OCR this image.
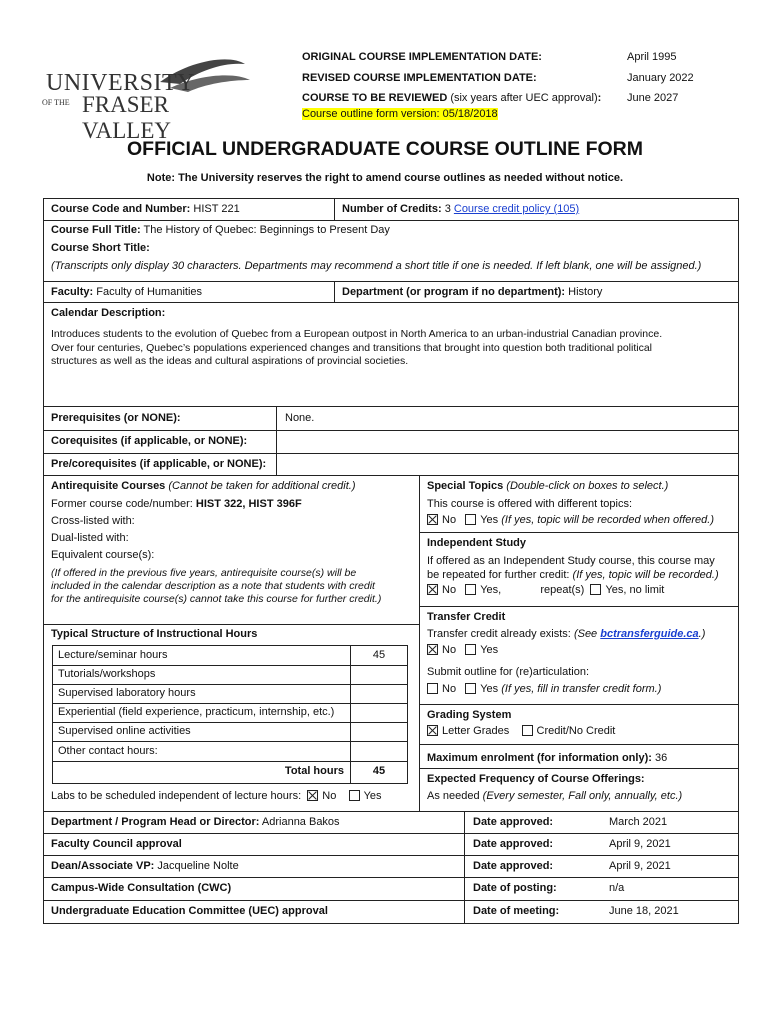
UNIVERSITY
OF THE FRASER VALLEY
ORIGINAL COURSE IMPLEMENTATION DATE:	April 1995
REVISED COURSE IMPLEMENTATION DATE:	January 2022
COURSE TO BE REVIEWED (six years after UEC approval): June 2027
Course outline form version: 05/18/2018
OFFICIAL UNDERGRADUATE COURSE OUTLINE FORM
Note: The University reserves the right to amend course outlines as needed without notice.
Course Code and Number: HIST 221	Number of Credits: 3 Course credit policy (105)
Course Full Title: The History of Quebec: Beginnings to Present Day
Course Short Title:
(Transcripts only display 30 characters. Departments may recommend a short title if one is needed. If left blank, one will be assigned.)
Faculty: Faculty of Humanities	Department (or program if no department): History
Calendar Description:
Introduces students to the evolution of Quebec from a European outpost in North America to an urban-industrial Canadian province.
Over four centuries, Quebec’s populations experienced changes and transitions that brought into question both traditional political
structures as well as the ideas and cultural aspirations of provincial societies.
Prerequisites (or NONE):	None.
Corequisites (if applicable, or NONE):
Pre/corequisites (if applicable, or NONE):
Antirequisite Courses (Cannot be taken for additional credit.)
Former course code/number: HIST 322, HIST 396F
Cross-listed with:
Dual-listed with:
Equivalent course(s):
(If offered in the previous five years, antirequisite course(s) will be
included in the calendar description as a note that students with credit
for the antirequisite course(s) cannot take this course for further credit.)
Typical Structure of Instructional Hours
Lecture/seminar hours	45
Tutorials/workshops
Supervised laboratory hours
Experiential (field experience, practicum, internship, etc.)
Supervised online activities
Other contact hours:
Total hours	45
Labs to be scheduled independent of lecture hours: No Yes
Special Topics (Double-click on boxes to select.)
This course is offered with different topics:
No Yes (If yes, topic will be recorded when offered.)
Independent Study
If offered as an Independent Study course, this course may
be repeated for further credit: (If yes, topic will be recorded.)
No Yes,	repeat(s) Yes, no limit
Transfer Credit
Transfer credit already exists: (See bctransferguide.ca.)
No Yes
Submit outline for (re)articulation:
No Yes (If yes, fill in transfer credit form.)
Grading System
Letter Grades Credit/No Credit
Maximum enrolment (for information only): 36
Expected Frequency of Course Offerings:
As needed (Every semester, Fall only, annually, etc.)
Department / Program Head or Director: Adrianna Bakos	Date approved:	March 2021
Faculty Council approval	Date approved:	April 9, 2021
Dean/Associate VP: Jacqueline Nolte	Date approved:	April 9, 2021
Campus-Wide Consultation (CWC)	Date of posting:	n/a
Undergraduate Education Committee (UEC) approval	Date of meeting:	June 18, 2021
